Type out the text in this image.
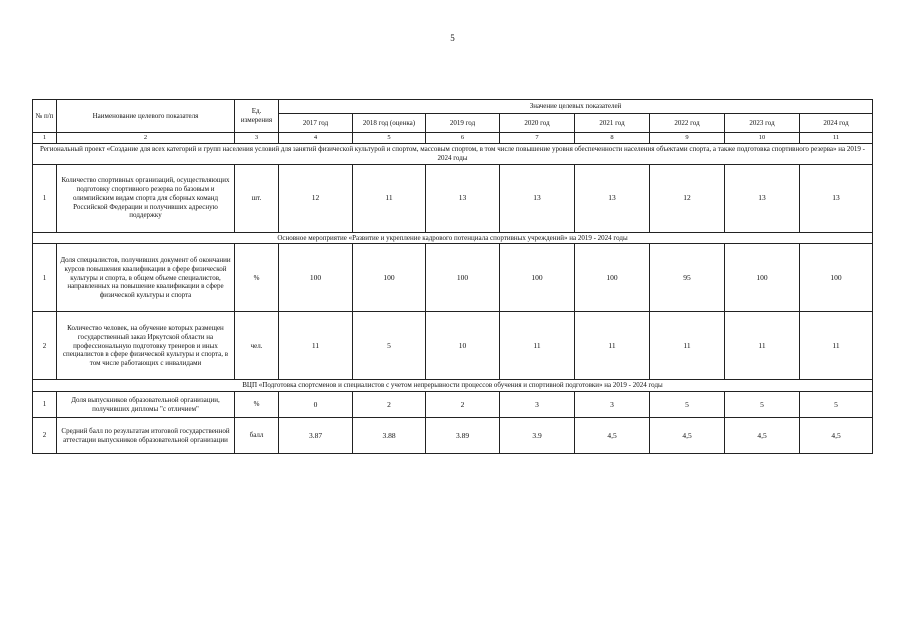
5
№ п/п	Наименование целевого показателя	Ед. измерения	Значение целевых показателей							
			2017 год	2018 год (оценка)	2019 год	2020 год	2021 год	2022 год	2023 год	2024 год
1	2	3	4	5	6	7	8	9	10	11
Региональный проект «Создание для всех категорий и групп населения условий для занятий физической культурой и спортом, массовым спортом, в том числе повышение уровня обеспеченности населения объектами спорта, а также подготовка спортивного резерва» на 2019 - 2024 годы										
1	Количество спортивных организаций, осуществляющих подготовку спортивного резерва по базовым и олимпийским видам спорта для сборных команд Российской Федерации и получивших адресную поддержку	шт.	12	11	13	13	13	12	13	13
Основное мероприятие «Развитие и укрепление кадрового потенциала спортивных учреждений» на 2019 - 2024 годы										
1	Доля специалистов, получивших документ об окончании курсов повышения квалификации в сфере физической культуры и спорта, в общем объеме специалистов, направленных на повышение квалификации в сфере физической культуры и спорта	%	100	100	100	100	100	95	100	100
2	Количество человек, на обучение которых размещен государственный заказ Иркутской области на профессиональную подготовку тренеров и иных специалистов в сфере физической культуры и спорта, в том числе работающих с инвалидами	чел.	11	5	10	11	11	11	11	11
ВЦП «Подготовка спортсменов и специалистов с учетом непрерывности процессов обучения и спортивной подготовки» на 2019 - 2024 годы										
1	Доля выпускников образовательной организации, получивших дипломы "с отличием"	%	0	2	2	3	3	5	5	5
2	Средний балл по результатам итоговой государственной аттестации выпускников образовательной организации	балл	3.87	3.88	3.89	3.9	4,5	4,5	4,5	4,5
